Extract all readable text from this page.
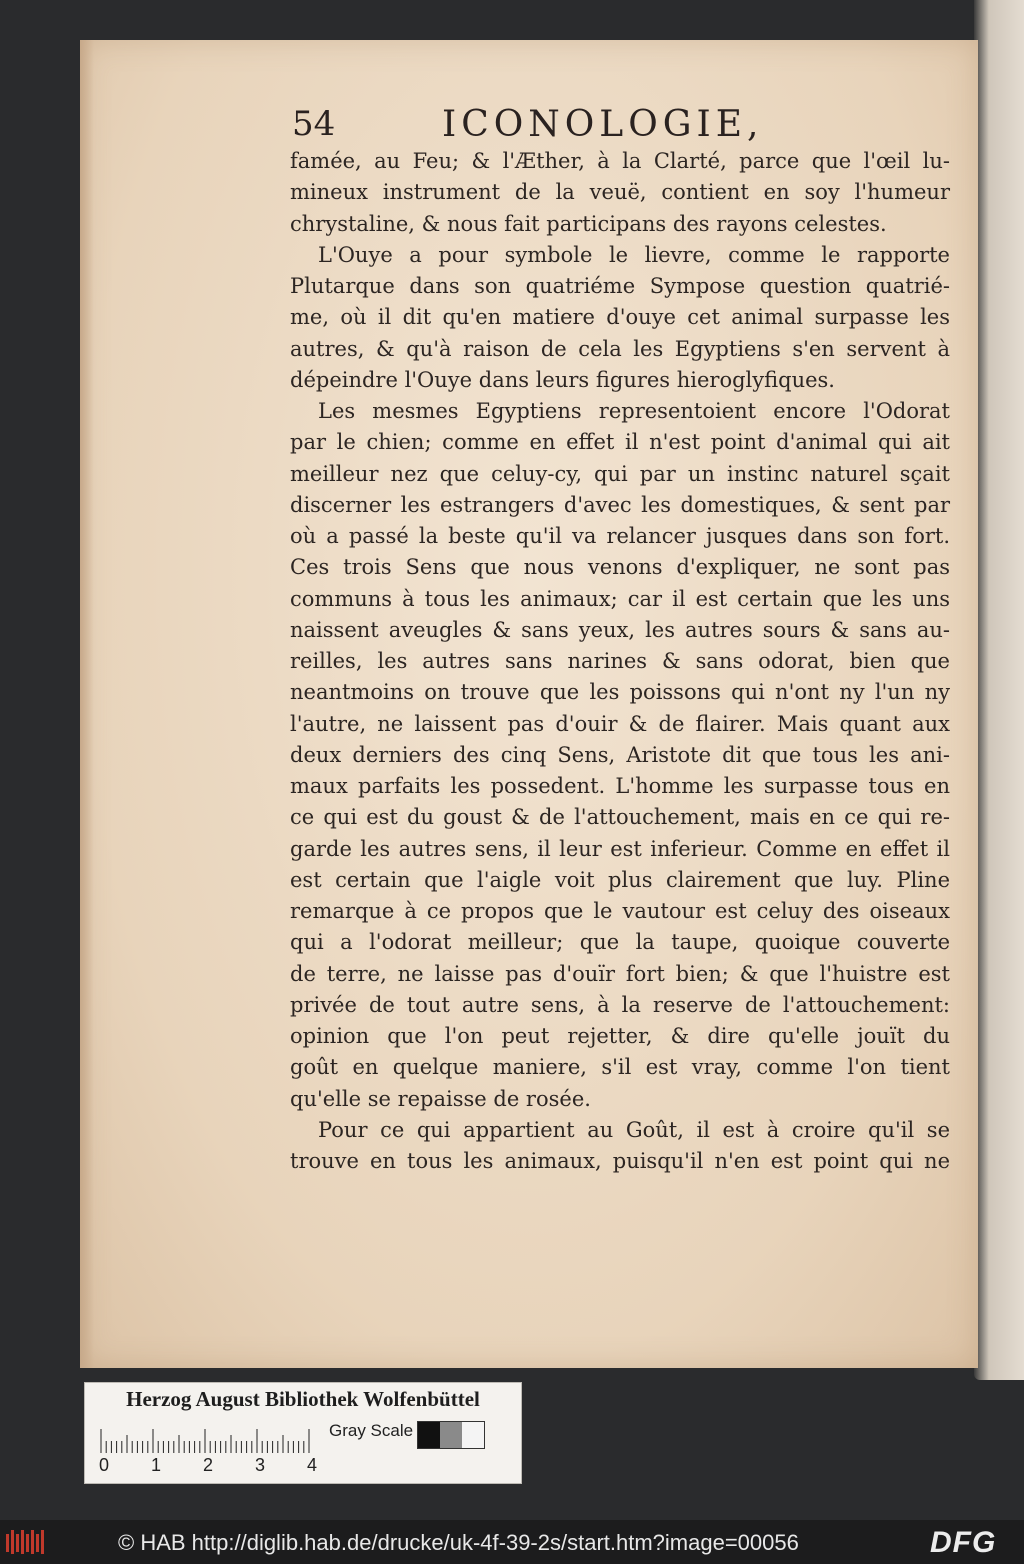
54	ICONOLOGIE,
famée, au Feu; & l'Æther, à la Clarté, parce que l'œil lu-
mineux instrument de la veuë, contient en soy l'humeur
chrystaline, & nous fait participans des rayons celestes.
L'Ouye a pour symbole le lievre, comme le rapporte
Plutarque dans son quatriéme Sympose question quatrié-
me, où il dit qu'en matiere d'ouye cet animal surpasse les
autres, & qu'à raison de cela les Egyptiens s'en servent à
dépeindre l'Ouye dans leurs figures hieroglyfiques.
Les mesmes Egyptiens representoient encore l'Odorat
par le chien; comme en effet il n'est point d'animal qui ait
meilleur nez que celuy-cy, qui par un instinc naturel sçait
discerner les estrangers d'avec les domestiques, & sent par
où a passé la beste qu'il va relancer jusques dans son fort.
Ces trois Sens que nous venons d'expliquer, ne sont pas
communs à tous les animaux; car il est certain que les uns
naissent aveugles & sans yeux, les autres sours & sans au-
reilles, les autres sans narines & sans odorat, bien que
neantmoins on trouve que les poissons qui n'ont ny l'un ny
l'autre, ne laissent pas d'ouir & de flairer. Mais quant aux
deux derniers des cinq Sens, Aristote dit que tous les ani-
maux parfaits les possedent. L'homme les surpasse tous en
ce qui est du goust & de l'attouchement, mais en ce qui re-
garde les autres sens, il leur est inferieur. Comme en effet il
est certain que l'aigle voit plus clairement que luy. Pline
remarque à ce propos que le vautour est celuy des oiseaux
qui a l'odorat meilleur; que la taupe, quoique couverte
de terre, ne laisse pas d'ouïr fort bien; & que l'huistre est
privée de tout autre sens, à la reserve de l'attouchement:
opinion que l'on peut rejetter, & dire qu'elle jouït du
goût en quelque maniere, s'il est vray, comme l'on tient
qu'elle se repaisse de rosée.
Pour ce qui appartient au Goût, il est à croire qu'il se
trouve en tous les animaux, puisqu'il n'en est point qui ne
Herzog August Bibliothek Wolfenbüttel
0 1 2 3 4
Gray Scale
© HAB http://diglib.hab.de/drucke/uk-4f-39-2s/start.htm?image=00056	DFG
